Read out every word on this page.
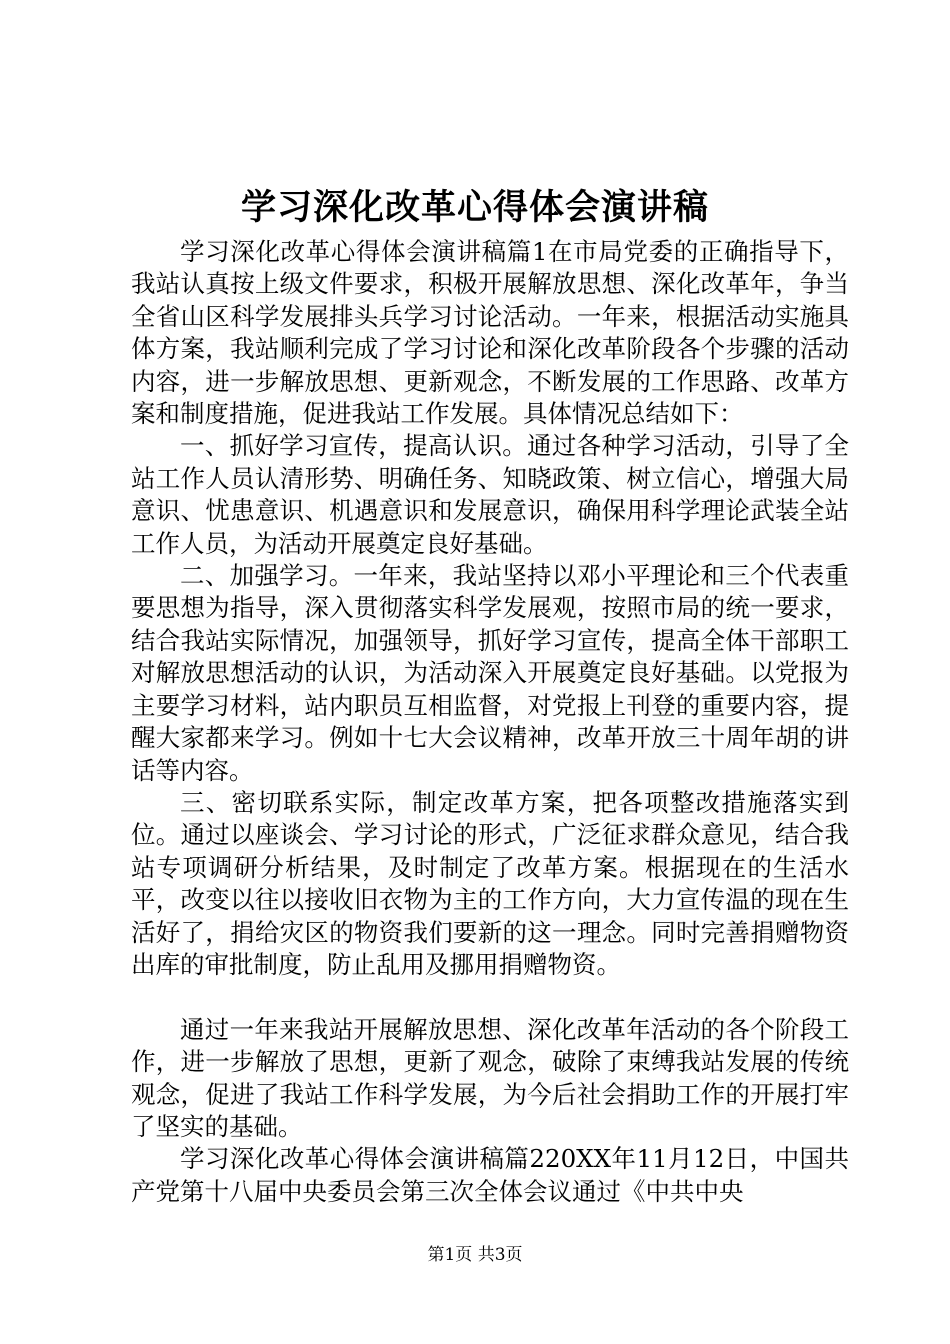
学习深化改革心得体会演讲稿

学习深化改革心得体会演讲稿篇1在市局党委的正确指导下，我站认真按上级文件要求，积极开展解放思想、深化改革年，争当全省山区科学发展排头兵学习讨论活动。一年来，根据活动实施具体方案，我站顺利完成了学习讨论和深化改革阶段各个步骤的活动内容，进一步解放思想、更新观念，不断发展的工作思路、改革方案和制度措施，促进我站工作发展。具体情况总结如下：

一、抓好学习宣传，提高认识。通过各种学习活动，引导了全站工作人员认清形势、明确任务、知晓政策、树立信心，增强大局意识、忧患意识、机遇意识和发展意识，确保用科学理论武装全站工作人员，为活动开展奠定良好基础。

二、加强学习。一年来，我站坚持以邓小平理论和三个代表重要思想为指导，深入贯彻落实科学发展观，按照市局的统一要求，结合我站实际情况，加强领导，抓好学习宣传，提高全体干部职工对解放思想活动的认识，为活动深入开展奠定良好基础。以党报为主要学习材料，站内职员互相监督，对党报上刊登的重要内容，提醒大家都来学习。例如十七大会议精神，改革开放三十周年胡的讲话等内容。

三、密切联系实际，制定改革方案，把各项整改措施落实到位。通过以座谈会、学习讨论的形式，广泛征求群众意见，结合我站专项调研分析结果，及时制定了改革方案。根据现在的生活水平，改变以往以接收旧衣物为主的工作方向，大力宣传温的现在生活好了，捐给灾区的物资我们要新的这一理念。同时完善捐赠物资出库的审批制度，防止乱用及挪用捐赠物资。

通过一年来我站开展解放思想、深化改革年活动的各个阶段工作，进一步解放了思想，更新了观念，破除了束缚我站发展的传统观念，促进了我站工作科学发展，为今后社会捐助工作的开展打牢了坚实的基础。

学习深化改革心得体会演讲稿篇220XX年11月12日，中国共产党第十八届中央委员会第三次全体会议通过《中共中央

第1页 共3页
